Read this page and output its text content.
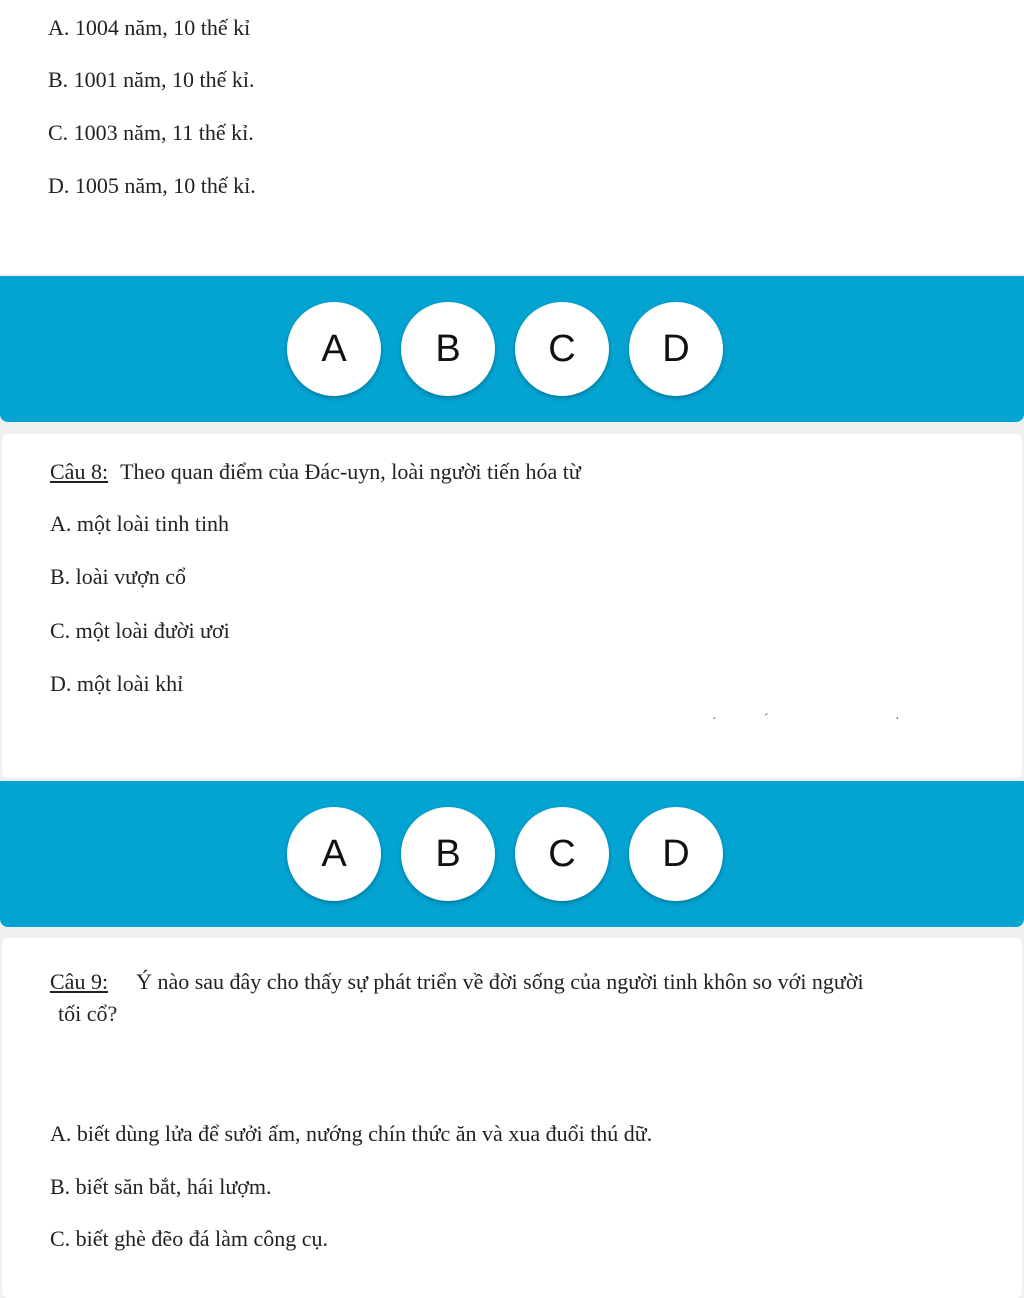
A. 1004 năm, 10 thế kỉ
B. 1001 năm, 10 thế kỉ.
C. 1003 năm, 11 thế kỉ.
D. 1005 năm, 10 thế kỉ.
A	B	C	D
Câu 8: Theo quan điểm của Đác-uyn, loài người tiến hóa từ
A. một loài tinh tinh
B. loài vượn cổ
C. một loài đười ươi
D. một loài khỉ
·	ˊ	·
A	B	C	D
Câu 9: Ý nào sau đây cho thấy sự phát triển về đời sống của người tinh khôn so với người
tối cổ?
A. biết dùng lửa để sưởi ấm, nướng chín thức ăn và xua đuổi thú dữ.
B. biết săn bắt, hái lượm.
C. biết ghè đẽo đá làm công cụ.
